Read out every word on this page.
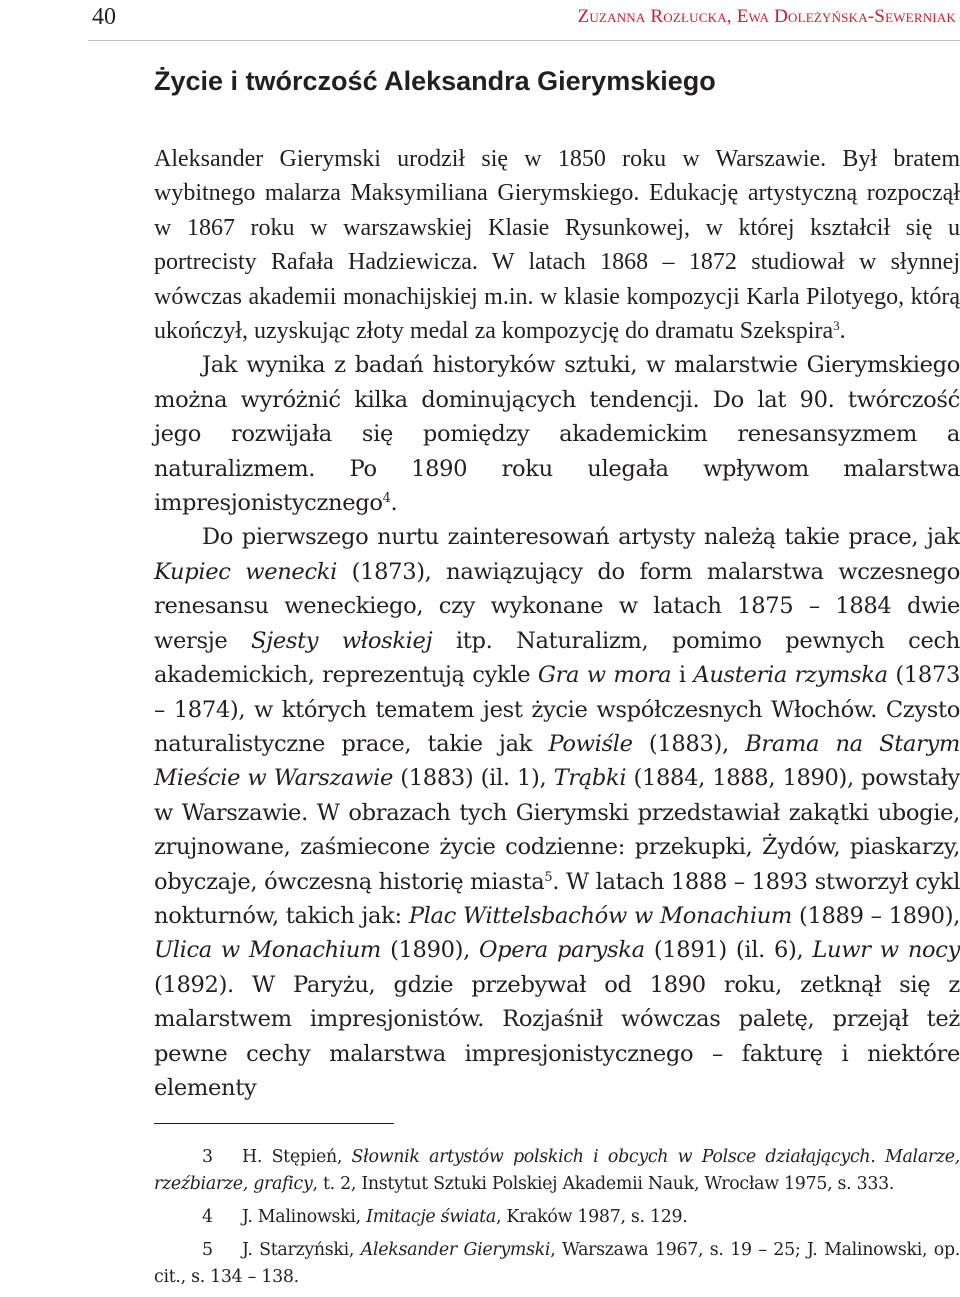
40	Zuzanna Rozłucka, Ewa Doleżyńska-Sewerniak
Życie i twórczość Aleksandra Gierymskiego

Aleksander Gierymski urodził się w 1850 roku w Warszawie. Był bratem wybitnego malarza Maksymiliana Gierymskiego. Edukację artystyczną rozpoczął w 1867 roku w warszawskiej Klasie Rysunkowej, w której kształcił się u portrecisty Rafała Hadziewicza. W latach 1868 – 1872 studiował w słynnej wówczas akademii monachijskiej m.in. w klasie kompozycji Karla Pilotyego, którą ukończył, uzyskując złoty medal za kompozycję do dramatu Szekspira$^3$.

Jak wynika z badań historyków sztuki, w malarstwie Gierymskiego można wyróżnić kilka dominujących tendencji. Do lat 90. twórczość jego rozwijała się pomiędzy akademickim renesansyzmem a naturalizmem. Po 1890 roku ulegała wpływom malarstwa impresjonistycznego$^4$.

Do pierwszego nurtu zainteresowań artysty należą takie prace, jak Kupiec wenecki (1873), nawiązujący do form malarstwa wczesnego renesansu weneckiego, czy wykonane w latach 1875 – 1884 dwie wersje Sjesty włoskiej itp. Naturalizm, pomimo pewnych cech akademickich, reprezentują cykle Gra w mora i Austeria rzymska (1873 – 1874), w których tematem jest życie współczesnych Włochów. Czysto naturalistyczne prace, takie jak Powiśle (1883), Brama na Starym Mieście w Warszawie (1883) (il. 1), Trąbki (1884, 1888, 1890), powstały w Warszawie. W obrazach tych Gierymski przedstawiał zakątki ubogie, zrujnowane, zaśmiecone życie codzienne: przekupki, Żydów, piaskarzy, obyczaje, ówczesną historię miasta$^5$. W latach 1888 – 1893 stworzył cykl nokturnów, takich jak: Plac Wittelsbachów w Monachium (1889 – 1890), Ulica w Monachium (1890), Opera paryska (1891) (il. 6), Luwr w nocy (1892). W Paryżu, gdzie przebywał od 1890 roku, zetknął się z malarstwem impresjonistów. Rozjaśnił wówczas paletę, przejął też pewne cechy malarstwa impresjonistycznego – fakturę i niektóre elementy

3 H. Stępień, Słownik artystów polskich i obcych w Polsce działających. Malarze, rzeźbiarze, graficy, t. 2, Instytut Sztuki Polskiej Akademii Nauk, Wrocław 1975, s. 333.

4 J. Malinowski, Imitacje świata, Kraków 1987, s. 129.

5 J. Starzyński, Aleksander Gierymski, Warszawa 1967, s. 19 – 25; J. Malinowski, op. cit., s. 134 – 138.
